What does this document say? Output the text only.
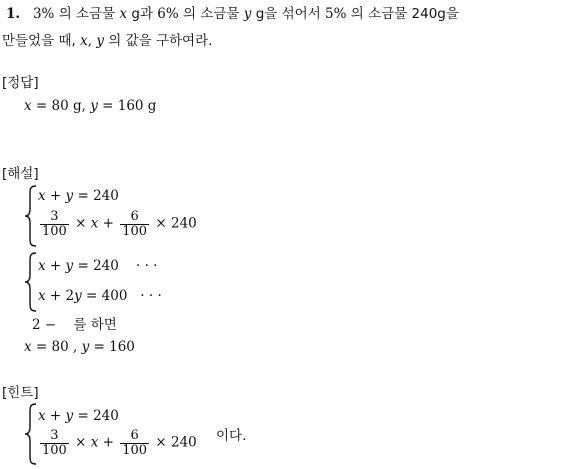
1. 3% 의 소금물 x g과 6% 의 소금물 y g을 섞어서 5% 의 소금물 240g을
만들었을 때, x, y 의 값을 구하여라.
[정답]
x = 80 g, y = 160 g
[해설]
x + y = 240
$\frac{3}{100} \times x + \frac{6}{100} \times 240$
x + y = 240 · · ·
x + 2y = 400 · · ·
2 − 를 하면
x = 80 , y = 160
[힌트]
x + y = 240
$\frac{3}{100} \times x + \frac{6}{100} \times 240$ 이다.
